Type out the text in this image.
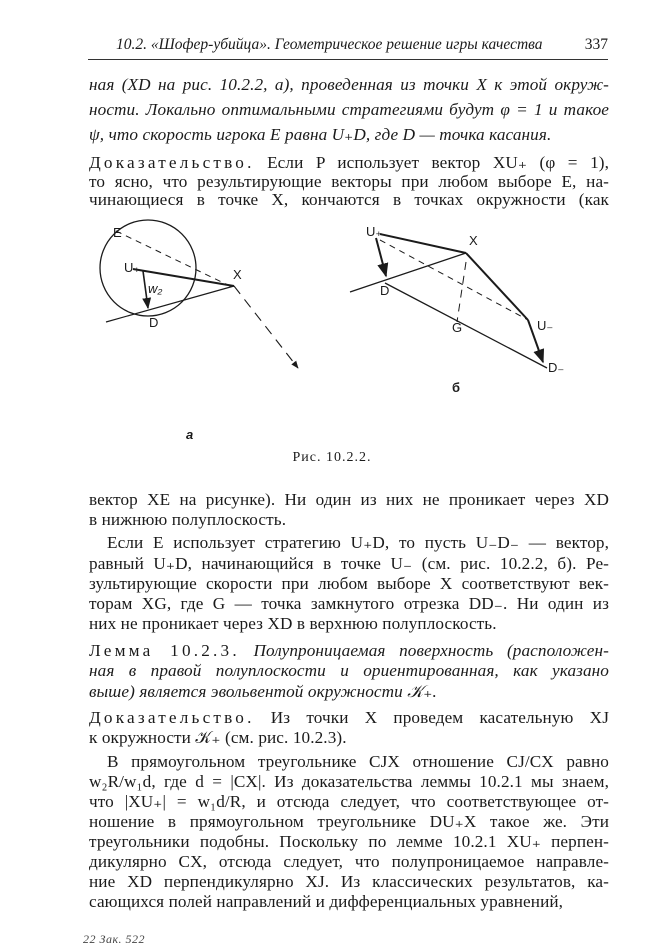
10.2. «Шофер-убийца». Геометрическое решение игры качества	337
ная (XD на рис. 10.2.2, a), проведенная из точки X к этой окруж-
ности. Локально оптимальными стратегиями будут φ = 1 и такое
ψ, что скорость игрока E равна U₊D, где D — точка касания.
Доказательство. Если P использует вектор XU₊ (φ = 1),
то ясно, что результирующие векторы при любом выборе E, на-
чинающиеся в точке X, кончаются в точках окружности (как
E
U₊
w₂
X
D
a
U₊
X
D
G	U₋
D₋
б
Рис. 10.2.2.
вектор XE на рисунке). Ни один из них не проникает через XD
в нижнюю полуплоскость.
Если E использует стратегию U₊D, то пусть U₋D₋ — вектор,
равный U₊D, начинающийся в точке U₋ (см. рис. 10.2.2, б). Ре-
зультирующие скорости при любом выборе X соответствуют век-
торам XG, где G — точка замкнутого отрезка DD₋. Ни один из
них не проникает через XD в верхнюю полуплоскость.
Лемма 10.2.3. Полупроницаемая поверхность (расположен-
ная в правой полуплоскости и ориентированная, как указано
выше) является эвольвентой окружности 𝒦₊.
Доказательство. Из точки X проведем касательную XJ
к окружности 𝒦₊ (см. рис. 10.2.3).
В прямоугольном треугольнике CJX отношение CJ/CX равно
w₂R/w₁d, где d = |CX|. Из доказательства леммы 10.2.1 мы знаем,
что |XU₊| = w₁d/R, и отсюда следует, что соответствующее от-
ношение в прямоугольном треугольнике DU₊X такое же. Эти
треугольники подобны. Поскольку по лемме 10.2.1 XU₊ перпен-
дикулярно CX, отсюда следует, что полупроницаемое направле-
ние XD перпендикулярно XJ. Из классических результатов, ка-
сающихся полей направлений и дифференциальных уравнений,
22 Зак. 522
